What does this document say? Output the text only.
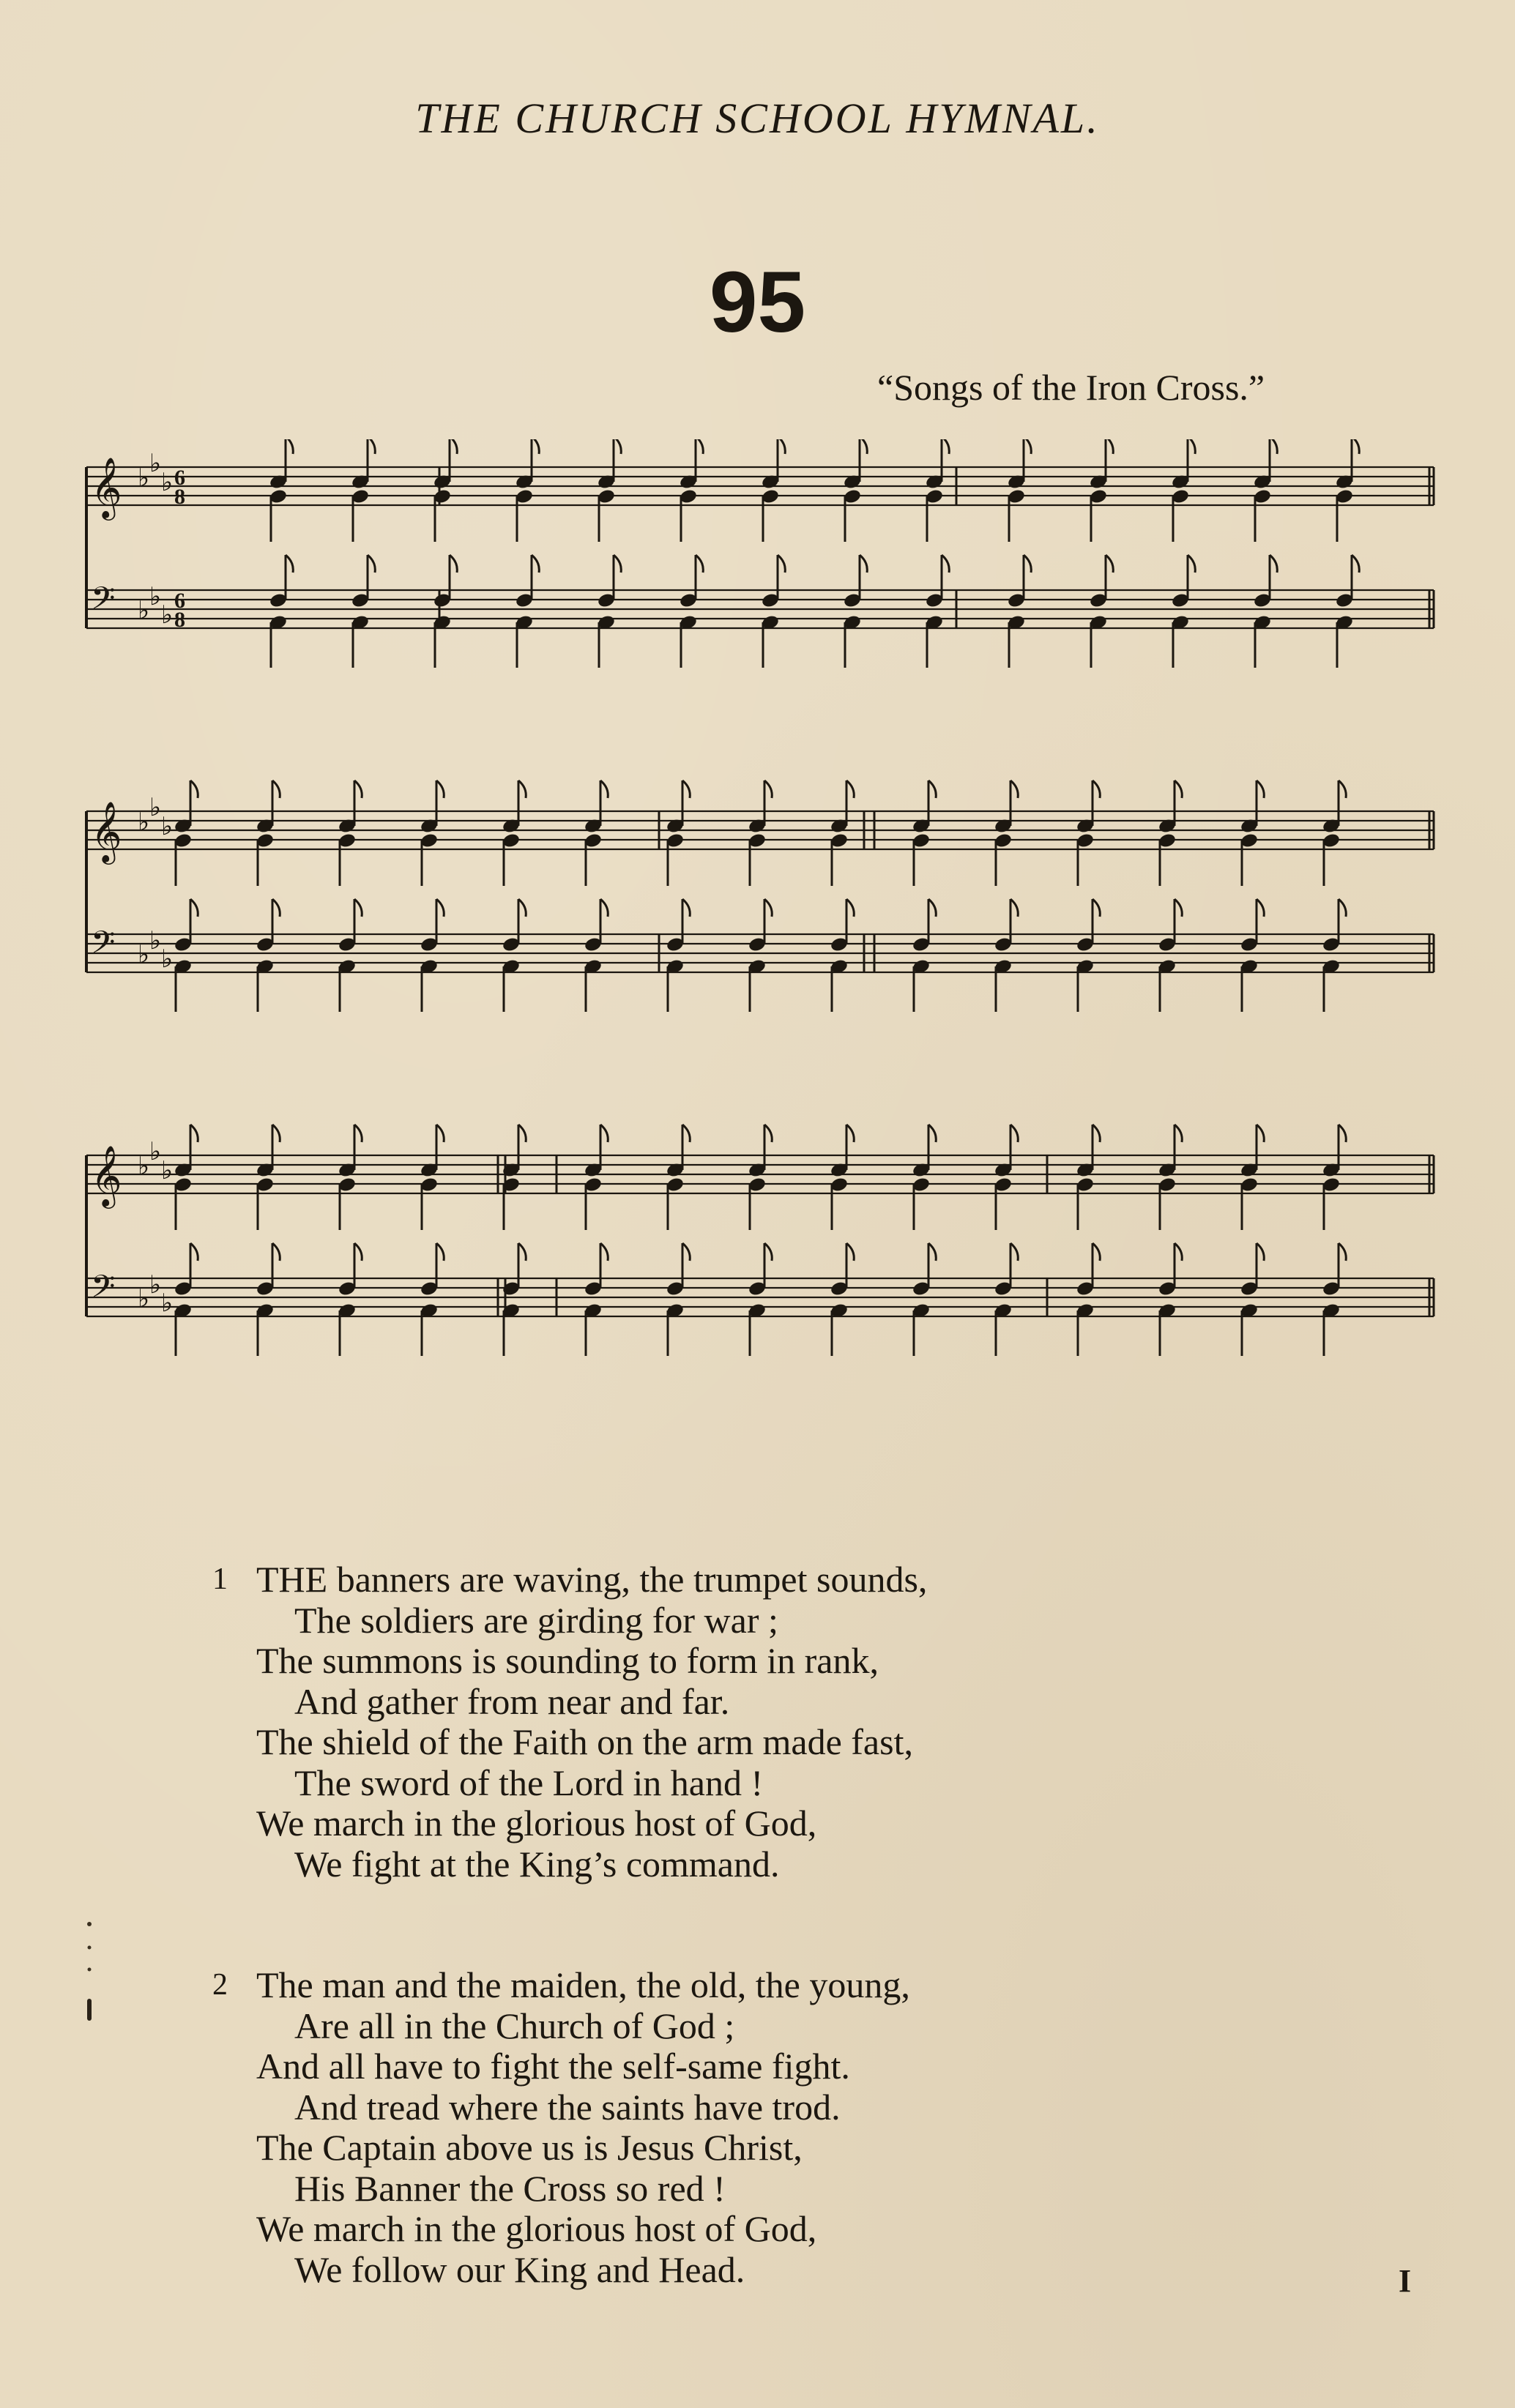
THE CHURCH SCHOOL HYMNAL.
95
“Songs of the Iron Cross.”
𝄞 ♭ ♭
♭
𝄢 ♭ ♭
♭
6
8
6
8
𝄞 ♭ ♭
♭
𝄢 ♭ ♭
♭
𝄞 ♭ ♭
♭
𝄢 ♭ ♭
♭
1 THE banners are waving, the trumpet sounds,
The soldiers are girding for war ;
The summons is sounding to form in rank,
And gather from near and far.
The shield of the Faith on the arm made fast,
The sword of the Lord in hand !
We march in the glorious host of God,
We fight at the King’s command.
2 The man and the maiden, the old, the young,
Are all in the Church of God ;
And all have to fight the self-same fight.
And tread where the saints have trod.
The Captain above us is Jesus Christ,
His Banner the Cross so red !
We march in the glorious host of God,
We follow our King and Head.	I
